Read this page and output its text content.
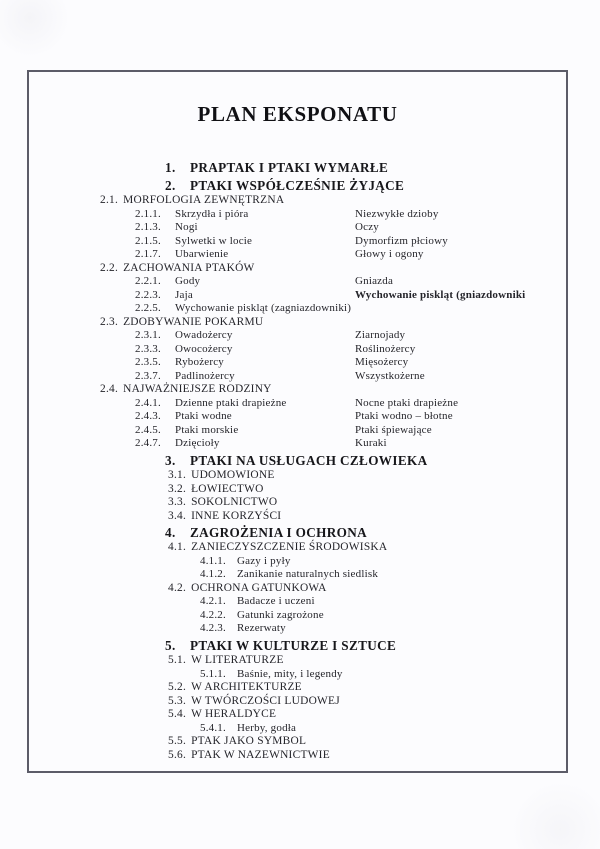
PLAN EKSPONATU
1. PRAPTAK I PTAKI WYMARŁE
2. PTAKI WSPÓŁCZEŚNIE ŻYJĄCE
2.1. MORFOLOGIA ZEWNĘTRZNA
2.1.1. Skrzydła i pióra	Niezwykłe dzioby
2.1.3. Nogi	Oczy
2.1.5. Sylwetki w locie	Dymorfizm płciowy
2.1.7. Ubarwienie	Głowy i ogony
2.2. ZACHOWANIA PTAKÓW
2.2.1. Gody	Gniazda
2.2.3. Jaja	Wychowanie piskląt (gniazdowniki
2.2.5. Wychowanie piskląt (zagniazdowniki)
2.3. ZDOBYWANIE POKARMU
2.3.1. Owadożercy	Ziarnojady
2.3.3. Owocożercy	Roślinożercy
2.3.5. Rybożercy	Mięsożercy
2.3.7. Padlinożercy	Wszystkożerne
2.4. NAJWAŻNIEJSZE RODZINY
2.4.1. Dzienne ptaki drapieżne	Nocne ptaki drapieżne
2.4.3. Ptaki wodne	Ptaki wodno – błotne
2.4.5. Ptaki morskie	Ptaki śpiewające
2.4.7. Dzięcioły	Kuraki
3. PTAKI NA USŁUGACH CZŁOWIEKA
3.1. UDOMOWIONE
3.2. ŁOWIECTWO
3.3. SOKOLNICTWO
3.4. INNE KORZYŚCI
4. ZAGROŻENIA I OCHRONA
4.1. ZANIECZYSZCZENIE ŚRODOWISKA
4.1.1. Gazy i pyły
4.1.2. Zanikanie naturalnych siedlisk
4.2. OCHRONA GATUNKOWA
4.2.1. Badacze i uczeni
4.2.2. Gatunki zagrożone
4.2.3. Rezerwaty
5. PTAKI W KULTURZE I SZTUCE
5.1. W LITERATURZE
5.1.1. Baśnie, mity, i legendy
5.2. W ARCHITEKTURZE
5.3. W TWÓRCZOŚCI LUDOWEJ
5.4. W HERALDYCE
5.4.1. Herby, godła
5.5. PTAK JAKO SYMBOL
5.6. PTAK W NAZEWNICTWIE
